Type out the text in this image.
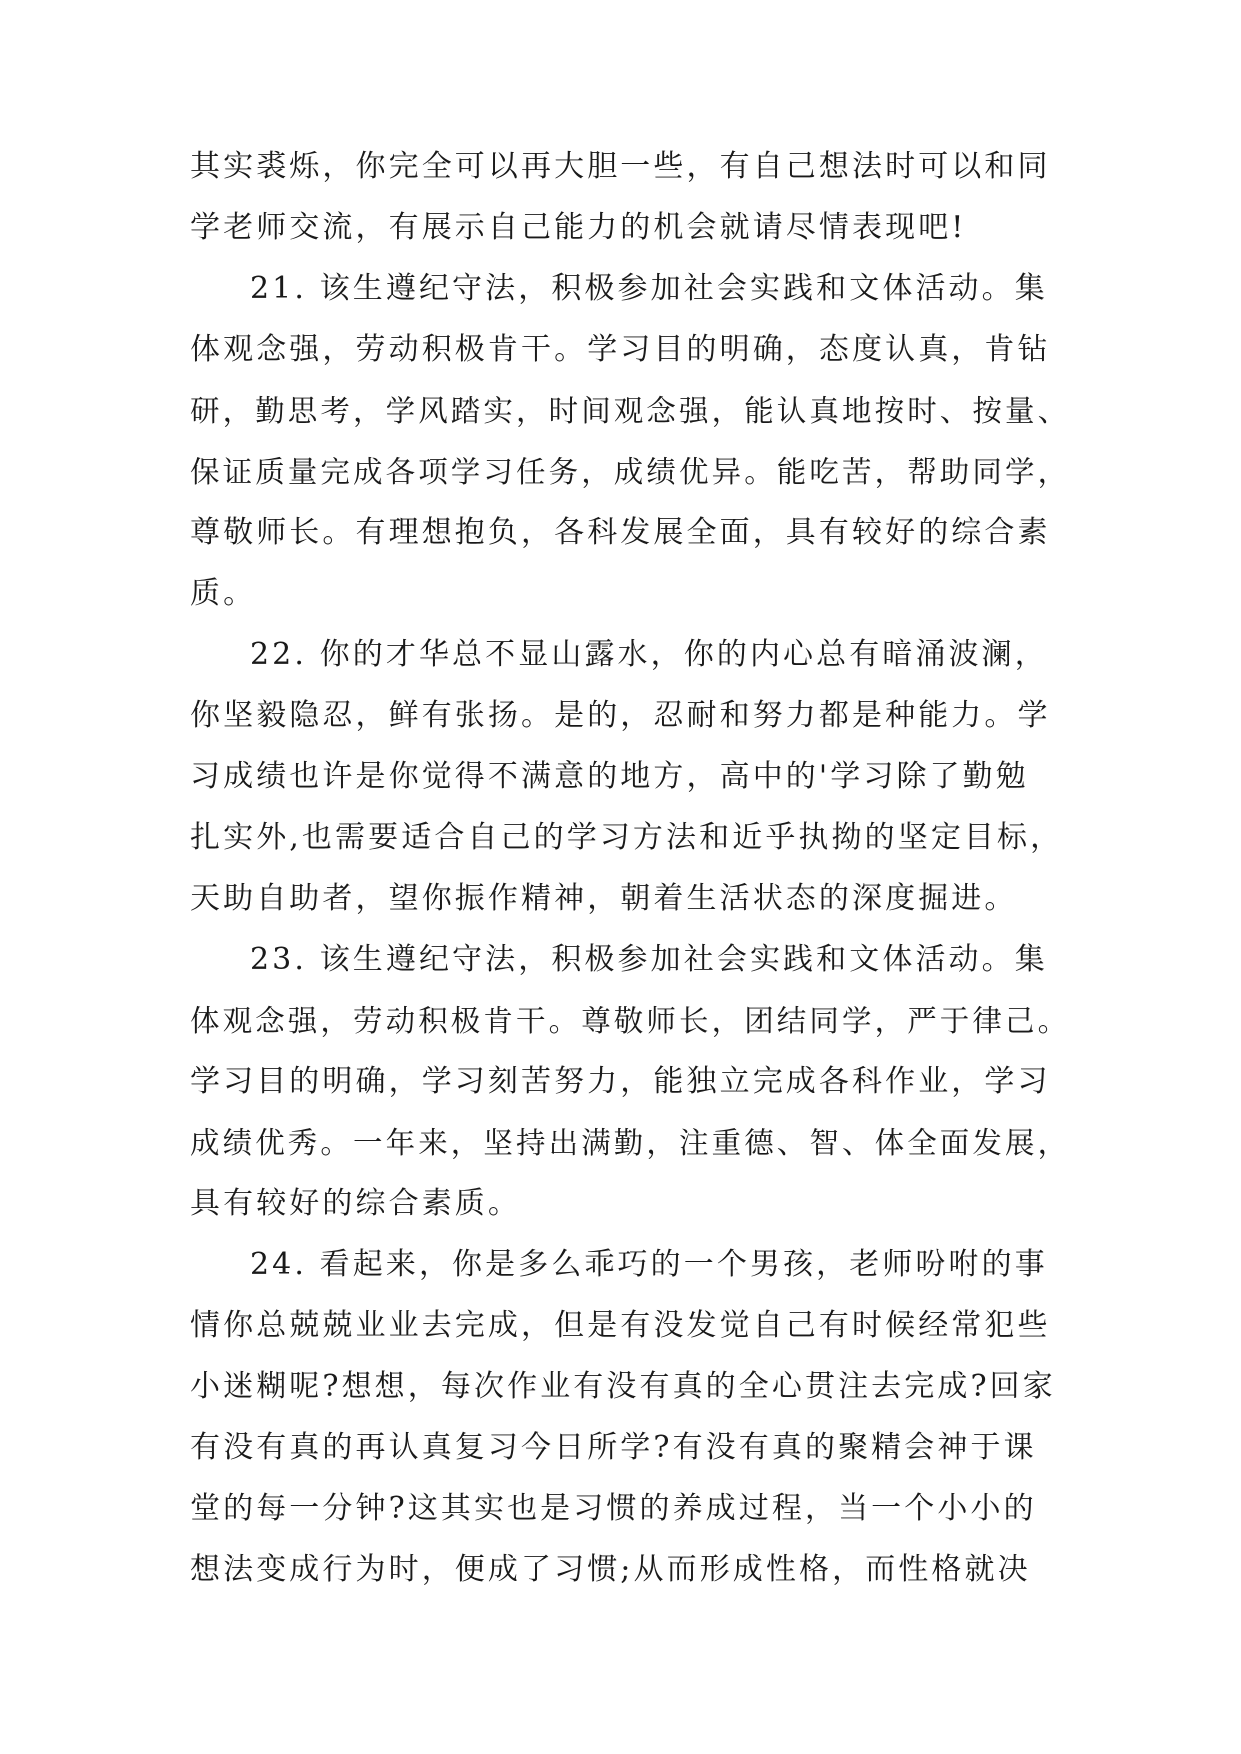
其实裘烁，你完全可以再大胆一些，有自己想法时可以和同
学老师交流，有展示自己能力的机会就请尽情表现吧!
21. 该生遵纪守法，积极参加社会实践和文体活动。集
体观念强，劳动积极肯干。学习目的明确，态度认真，肯钻
研，勤思考，学风踏实，时间观念强，能认真地按时、按量、
保证质量完成各项学习任务，成绩优异。能吃苦，帮助同学，
尊敬师长。有理想抱负，各科发展全面，具有较好的综合素
质。
22. 你的才华总不显山露水，你的内心总有暗涌波澜，
你坚毅隐忍，鲜有张扬。是的，忍耐和努力都是种能力。学
习成绩也许是你觉得不满意的地方，高中的'学习除了勤勉
扎实外,也需要适合自己的学习方法和近乎执拗的坚定目标，
天助自助者，望你振作精神，朝着生活状态的深度掘进。
23. 该生遵纪守法，积极参加社会实践和文体活动。集
体观念强，劳动积极肯干。尊敬师长，团结同学，严于律己。
学习目的明确，学习刻苦努力，能独立完成各科作业，学习
成绩优秀。一年来，坚持出满勤，注重德、智、体全面发展，
具有较好的综合素质。
24. 看起来，你是多么乖巧的一个男孩，老师吩咐的事
情你总兢兢业业去完成，但是有没发觉自己有时候经常犯些
小迷糊呢?想想，每次作业有没有真的全心贯注去完成?回家
有没有真的再认真复习今日所学?有没有真的聚精会神于课
堂的每一分钟?这其实也是习惯的养成过程，当一个小小的
想法变成行为时，便成了习惯;从而形成性格，而性格就决
